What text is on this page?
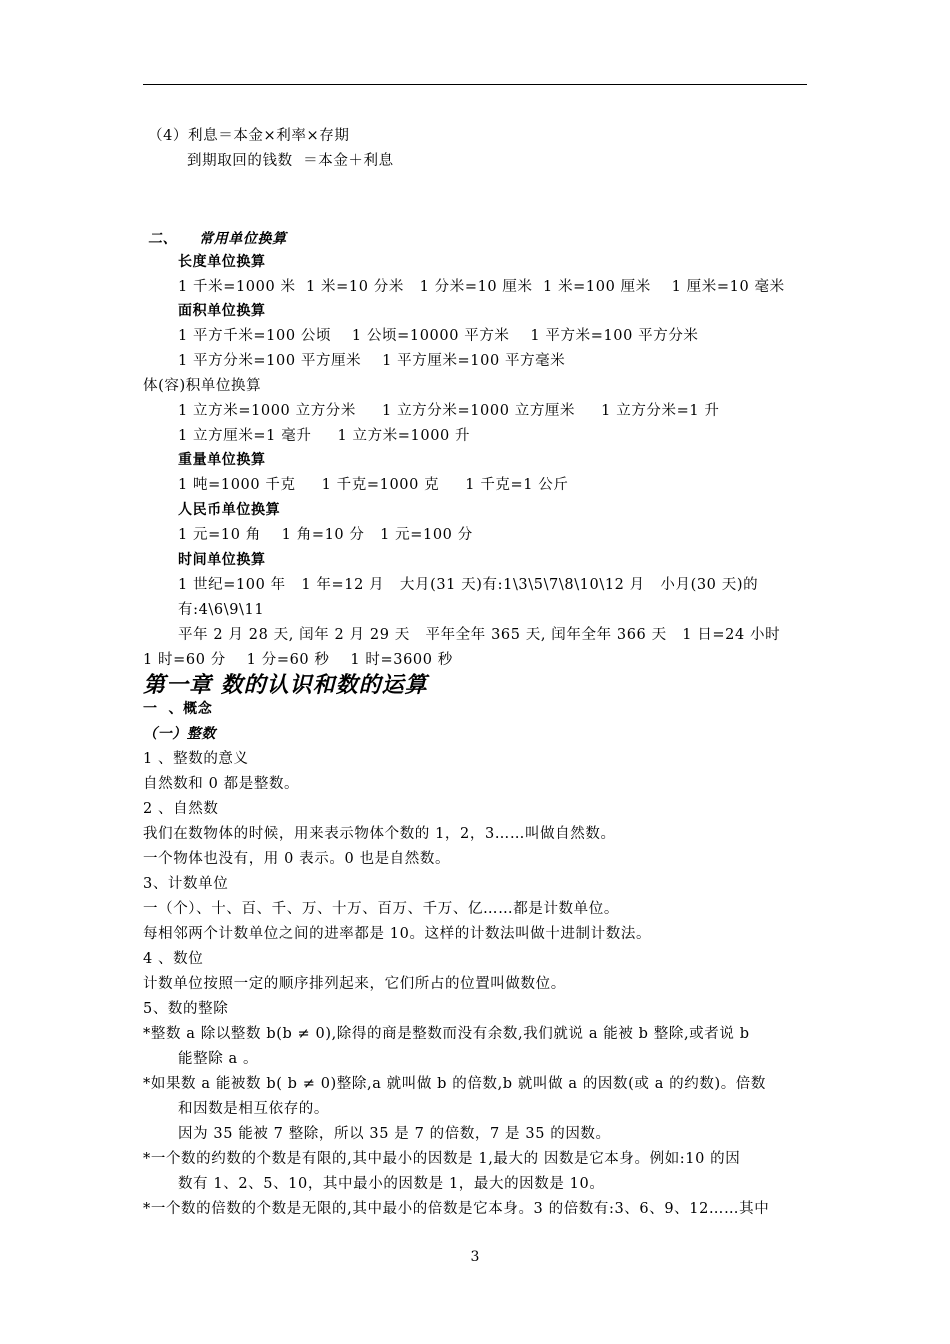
（4）利息＝本金×利率×存期
到期取回的钱数  ＝本金＋利息
二、    常用单位换算
长度单位换算
1 千米=1000 米  1 米=10 分米   1 分米=10 厘米  1 米=100 厘米    1 厘米=10 毫米
面积单位换算
1 平方千米=100 公顷    1 公顷=10000 平方米    1 平方米=100 平方分米
1 平方分米=100 平方厘米    1 平方厘米=100 平方毫米
体(容)积单位换算
1 立方米=1000 立方分米     1 立方分米=1000 立方厘米     1 立方分米=1 升
1 立方厘米=1 毫升     1 立方米=1000 升
重量单位换算
1 吨=1000 千克     1 千克=1000 克     1 千克=1 公斤
人民币单位换算
1 元=10 角    1 角=10 分   1 元=100 分
时间单位换算
1 世纪=100 年   1 年=12 月   大月(31 天)有:1\3\5\7\8\10\12 月   小月(30 天)的
有:4\6\9\11
平年 2 月 28 天, 闰年 2 月 29 天   平年全年 365 天, 闰年全年 366 天   1 日=24 小时
1 时=60 分    1 分=60 秒    1 时=3600 秒
一  、概念
（一）整数
1 、整数的意义
自然数和 0 都是整数。
2 、自然数
我们在数物体的时候，用来表示物体个数的 1，2，3……叫做自然数。
一个物体也没有，用 0 表示。0 也是自然数。
3、计数单位
一（个）、十、百、千、万、十万、百万、千万、亿……都是计数单位。
每相邻两个计数单位之间的进率都是 10。这样的计数法叫做十进制计数法。
4 、数位
计数单位按照一定的顺序排列起来，它们所占的位置叫做数位。
5、数的整除
*整数 a 除以整数 b(b ≠ 0),除得的商是整数而没有余数,我们就说 a 能被 b 整除,或者说 b
能整除 a 。
*如果数 a 能被数 b( b ≠ 0)整除,a 就叫做 b 的倍数,b 就叫做 a 的因数(或 a 的约数)。倍数
和因数是相互依存的。
因为 35 能被 7 整除，所以 35 是 7 的倍数，7 是 35 的因数。
*一个数的约数的个数是有限的,其中最小的因数是 1,最大的 因数是它本身。例如:10 的因
数有 1、2、5、10，其中最小的因数是 1，最大的因数是 10。
*一个数的倍数的个数是无限的,其中最小的倍数是它本身。3 的倍数有:3、6、9、12……其中
第一章 数的认识和数的运算
3
